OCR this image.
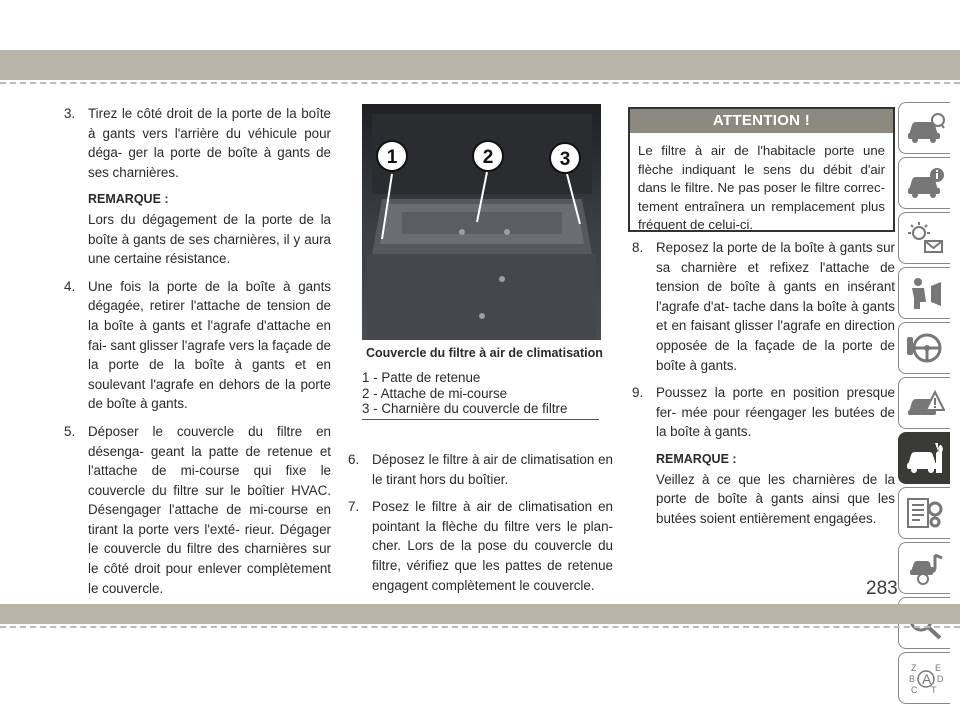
3. Tirez le côté droit de la porte de la boîte à gants vers l'arrière du véhicule pour déga- ger la porte de boîte à gants de ses charnières.

REMARQUE :

Lors du dégagement de la porte de la boîte à gants de ses charnières, il y aura une certaine résistance.

4. Une fois la porte de la boîte à gants dégagée, retirer l'attache de tension de la boîte à gants et l'agrafe d'attache en fai- sant glisser l'agrafe vers la façade de la porte de la boîte à gants et en soulevant l'agrafe en dehors de la porte de boîte à gants.

5. Déposer le couvercle du filtre en désenga- geant la patte de retenue et l'attache de mi-course qui fixe le couvercle du filtre sur le boîtier HVAC. Désengager l'attache de mi-course en tirant la porte vers l'exté- rieur. Dégager le couvercle du filtre des charnières sur le côté droit pour enlever complètement le couvercle.

1	2	3
Couvercle du filtre à air de climatisation
1 - Patte de retenue
2 - Attache de mi-course
3 - Charnière du couvercle de filtre
6. Déposez le filtre à air de climatisation en le tirant hors du boîtier.

7. Posez le filtre à air de climatisation en pointant la flèche du filtre vers le plan- cher. Lors de la pose du couvercle du filtre, vérifiez que les pattes de retenue engagent complètement le couvercle.

ATTENTION !
Le filtre à air de l'habitacle porte une flèche indiquant le sens du débit d'air dans le filtre. Ne pas poser le filtre correc- tement entraînera un remplacement plus fréquent de celui-ci.
8. Reposez la porte de la boîte à gants sur sa charnière et refixez l'attache de tension de boîte à gants en insérant l'agrafe d'at- tache dans la boîte à gants et en faisant glisser l'agrafe en direction opposée de la façade de la porte de boîte à gants.

9. Poussez la porte en position presque fer- mée pour réengager les butées de la boîte à gants.

REMARQUE :

Veillez à ce que les charnières de la porte de boîte à gants ainsi que les butées soient entièrement engagées.

Z E
B A D
C T
283
